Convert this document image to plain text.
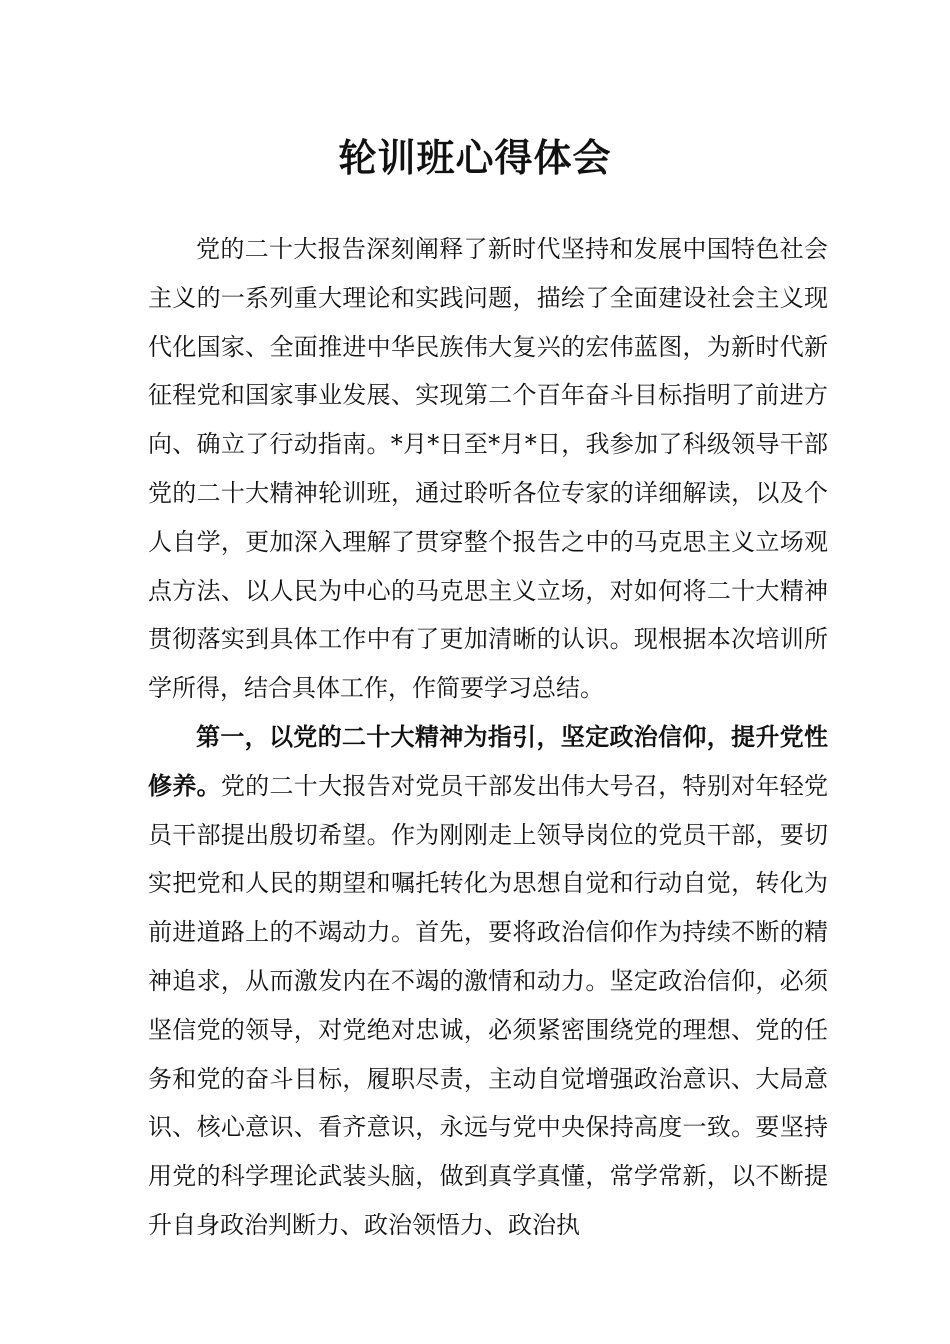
轮训班心得体会

党的二十大报告深刻阐释了新时代坚持和发展中国特色社会主义的一系列重大理论和实践问题，描绘了全面建设社会主义现代化国家、全面推进中华民族伟大复兴的宏伟蓝图，为新时代新征程党和国家事业发展、实现第二个百年奋斗目标指明了前进方向、确立了行动指南。*月*日至*月*日，我参加了科级领导干部党的二十大精神轮训班，通过聆听各位专家的详细解读，以及个人自学，更加深入理解了贯穿整个报告之中的马克思主义立场观点方法、以人民为中心的马克思主义立场，对如何将二十大精神贯彻落实到具体工作中有了更加清晰的认识。现根据本次培训所学所得，结合具体工作，作简要学习总结。

第一，以党的二十大精神为指引，坚定政治信仰，提升党性修养。党的二十大报告对党员干部发出伟大号召，特别对年轻党员干部提出殷切希望。作为刚刚走上领导岗位的党员干部，要切实把党和人民的期望和嘱托转化为思想自觉和行动自觉，转化为前进道路上的不竭动力。首先，要将政治信仰作为持续不断的精神追求，从而激发内在不竭的激情和动力。坚定政治信仰，必须坚信党的领导，对党绝对忠诚，必须紧密围绕党的理想、党的任务和党的奋斗目标，履职尽责，主动自觉增强政治意识、大局意识、核心意识、看齐意识，永远与党中央保持高度一致。要坚持用党的科学理论武装头脑，做到真学真懂，常学常新，以不断提升自身政治判断力、政治领悟力、政治执
